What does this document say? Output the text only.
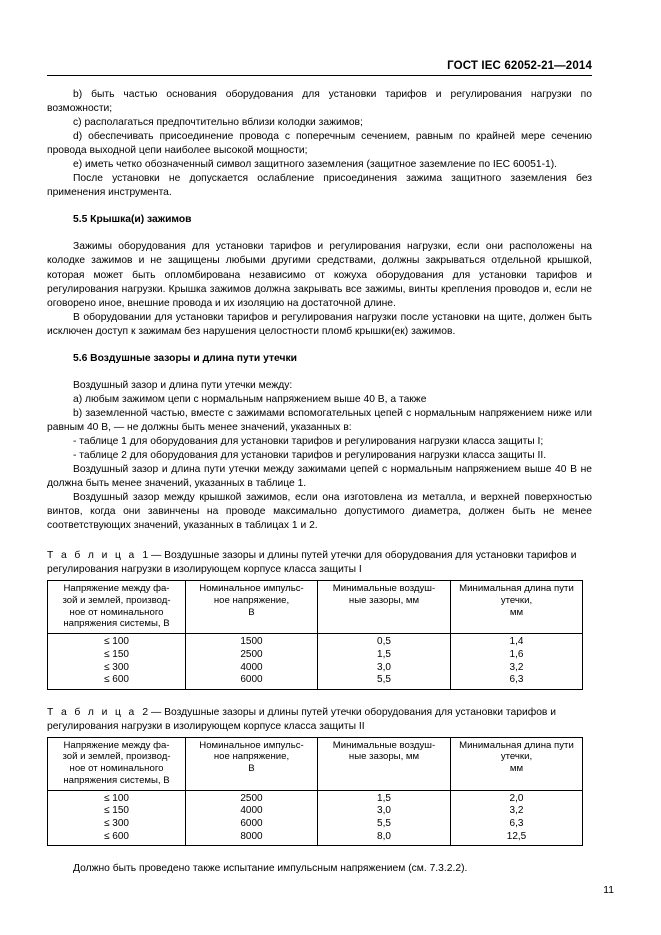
ГОСТ IEC 62052-21—2014

b) быть частью основания оборудования для установки тарифов и регулирования нагрузки по возможности;

c) располагаться предпочтительно вблизи колодки зажимов;

d) обеспечивать присоединение провода с поперечным сечением, равным по крайней мере сечению провода выходной цепи наиболее высокой мощности;

e) иметь четко обозначенный символ защитного заземления (защитное заземление по IEC 60051-1).

После установки не допускается ослабление присоединения зажима защитного заземления без применения инструмента.

5.5 Крышка(и) зажимов

Зажимы оборудования для установки тарифов и регулирования нагрузки, если они расположены на колодке зажимов и не защищены любыми другими средствами, должны закрываться отдельной крышкой, которая может быть опломбирована независимо от кожуха оборудования для установки тарифов и регулирования нагрузки. Крышка зажимов должна закрывать все зажимы, винты крепления проводов и, если не оговорено иное, внешние провода и их изоляцию на достаточной длине.

В оборудовании для установки тарифов и регулирования нагрузки после установки на щите, должен быть исключен доступ к зажимам без нарушения целостности пломб крышки(ек) зажимов.

5.6 Воздушные зазоры и длина пути утечки

Воздушный зазор и длина пути утечки между:

a) любым зажимом цепи с нормальным напряжением выше 40 В, а также

b) заземленной частью, вместе с зажимами вспомогательных цепей с нормальным напряжением ниже или равным 40 В, — не должны быть менее значений, указанных в:

- таблице 1 для оборудования для установки тарифов и регулирования нагрузки класса защиты I;

- таблице 2 для оборудования для установки тарифов и регулирования нагрузки класса защиты II.

Воздушный зазор и длина пути утечки между зажимами цепей с нормальным напряжением выше 40 В не должна быть менее значений, указанных в таблице 1.

Воздушный зазор между крышкой зажимов, если она изготовлена из металла, и верхней поверхностью винтов, когда они завинчены на проводе максимально допустимого диаметра, должен быть не менее соответствующих значений, указанных в таблицах 1 и 2.

Т а б л и ц а 1 — Воздушные зазоры и длины путей утечки для оборудования для установки тарифов и регулирования нагрузки в изолирующем корпусе класса защиты I

Напряжение между фа-
зой и землей, производ-
ное от номинального
напряжения системы, В	Номинальное импульс-
ное напряжение,
В	Минимальные воздуш-
ные зазоры, мм	Минимальная длина пути
утечки,
мм

≤ 100	1500	0,5	1,4
≤ 150	2500	1,5	1,6
≤ 300	4000	3,0	3,2
≤ 600	6000	5,5	6,3

Т а б л и ц а 2 — Воздушные зазоры и длины путей утечки оборудования для установки тарифов и регулирования нагрузки в изолирующем корпусе класса защиты II

Напряжение между фа-
зой и землей, производ-
ное от номинального
напряжения системы, В	Номинальное импульс-
ное напряжение,
В	Минимальные воздуш-
ные зазоры, мм	Минимальная длина пути
утечки,
мм

≤ 100	2500	1,5	2,0
≤ 150	4000	3,0	3,2
≤ 300	6000	5,5	6,3
≤ 600	8000	8,0	12,5

Должно быть проведено также испытание импульсным напряжением (см. 7.3.2.2).

11
